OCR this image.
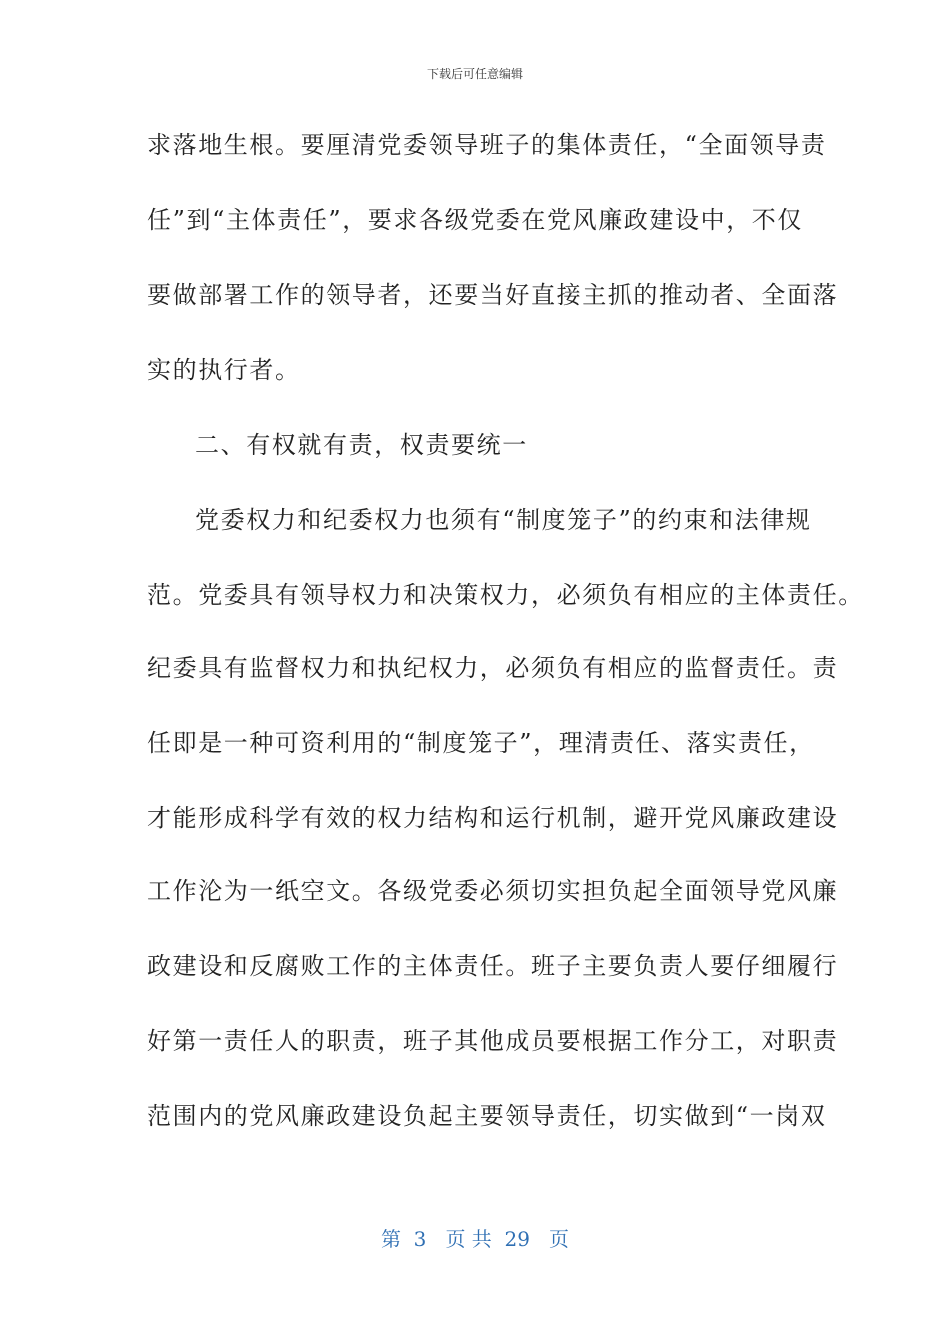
下载后可任意编辑
求落地生根。要厘清党委领导班子的集体责任，“全面领导责
任”到“主体责任”，要求各级党委在党风廉政建设中，不仅
要做部署工作的领导者，还要当好直接主抓的推动者、全面落
实的执行者。
二、有权就有责，权责要统一
党委权力和纪委权力也须有“制度笼子”的约束和法律规
范。党委具有领导权力和决策权力，必须负有相应的主体责任。
纪委具有监督权力和执纪权力，必须负有相应的监督责任。责
任即是一种可资利用的“制度笼子”，理清责任、落实责任，
才能形成科学有效的权力结构和运行机制，避开党风廉政建设
工作沦为一纸空文。各级党委必须切实担负起全面领导党风廉
政建设和反腐败工作的主体责任。班子主要负责人要仔细履行
好第一责任人的职责，班子其他成员要根据工作分工，对职责
范围内的党风廉政建设负起主要领导责任，切实做到“一岗双
第  3   页 共  29   页
